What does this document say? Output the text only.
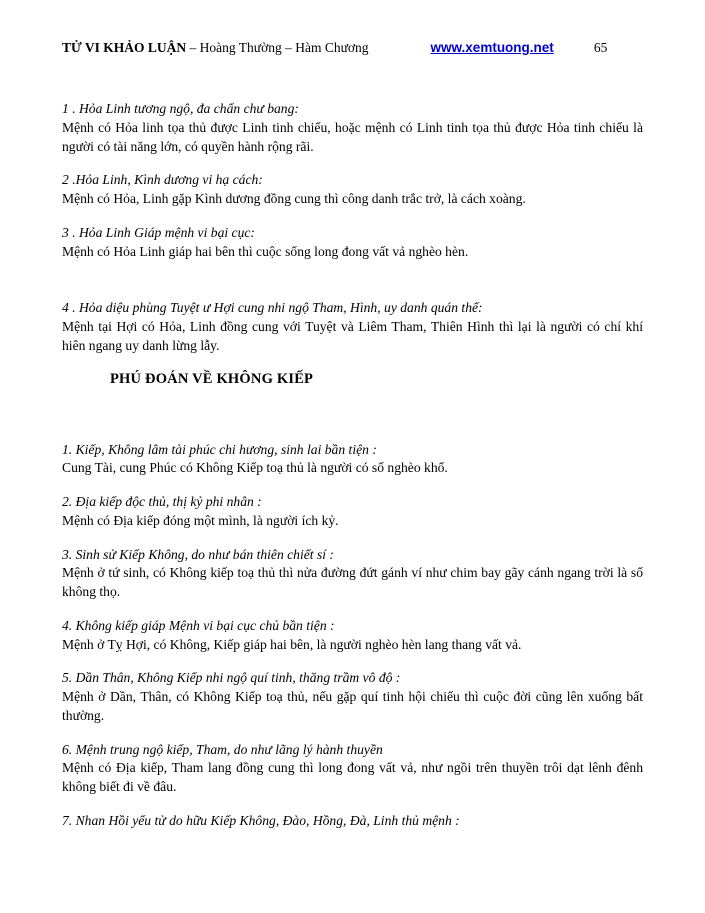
TỬ VI KHẢO LUẬN – Hoàng Thường – Hàm Chương	www.xemtuong.net	65
1 . Hỏa Linh tương ngộ, đa chấn chư bang:
Mệnh có Hỏa linh tọa thủ được Linh tinh chiếu, hoặc mệnh có Linh tinh tọa thủ được Hỏa tinh chiếu là người có tài năng lớn, có quyền hành rộng rãi.
2 .Hỏa Linh, Kình dương vi hạ cách:
Mệnh có Hỏa, Linh gặp Kình dương đồng cung thì công danh trắc trở, là cách xoàng.
3 . Hỏa Linh Giáp mệnh vi bại cục:
Mệnh có Hỏa Linh giáp hai bên thì cuộc sống long đong vất vả nghèo hèn.
4 . Hỏa diệu phùng Tuyệt ư Hợi cung nhi ngộ Tham, Hình, uy danh quán thế:
Mệnh tại Hợi có Hỏa, Linh đồng cung với Tuyệt và Liêm Tham, Thiên Hình thì lại là người có chí khí hiên ngang uy danh lừng lẫy.
PHÚ ĐOÁN VỀ KHÔNG KIẾP
1. Kiếp, Không lâm tài phúc chi hương, sinh lai bần tiện :
Cung Tài, cung Phúc có Không Kiếp toạ thủ là người có số nghèo khổ.
2. Địa kiếp độc thủ, thị kỷ phi nhân :
Mệnh có Địa kiếp đóng một mình, là người ích kỷ.
3. Sinh sử Kiếp Không, do như bán thiên chiết sí :
Mệnh ở tứ sinh, có Không kiếp toạ thủ thì nửa đường đứt gánh ví như chim bay gãy cánh ngang trời là số không thọ.
4. Không kiếp giáp Mệnh vi bại cục chủ bần tiện :
Mệnh ở Tỵ Hợi, có Không, Kiếp giáp hai bên, là người nghèo hèn lang thang vất vả.
5. Dần Thân, Không Kiếp nhi ngộ quí tinh, thăng trầm vô độ :
Mệnh ở Dần, Thân, có Không Kiếp toạ thủ, nếu gặp quí tinh hội chiếu thì cuộc đời cũng lên xuống bất thường.
6. Mệnh trung ngộ kiếp, Tham, do như lãng lý hành thuyền
Mệnh có Địa kiếp, Tham lang đồng cung thì long đong vất vả, như ngồi trên thuyền trôi dạt lênh đênh không biết đi về đâu.
7. Nhan Hồi yểu tử do hữu Kiếp Không, Đào, Hồng, Đà, Linh thủ mệnh :
